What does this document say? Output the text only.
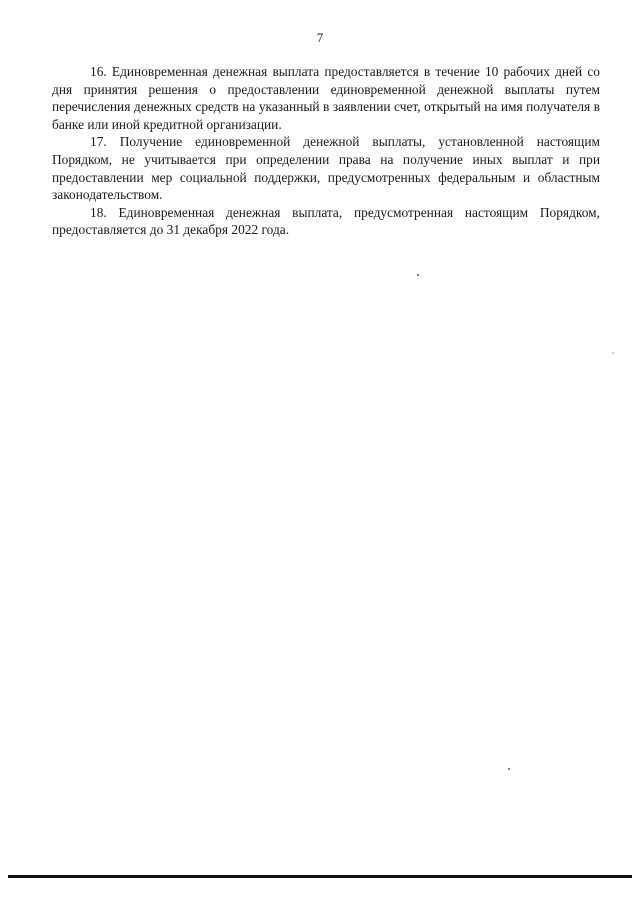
7

16. Единовременная денежная выплата предоставляется в течение 10 рабочих дней со дня принятия решения о предоставлении единовременной денежной выплаты путем перечисления денежных средств на указанный в заявлении счет, открытый на имя получателя в банке или иной кредитной организации.

17. Получение единовременной денежной выплаты, установленной настоящим Порядком, не учитывается при определении права на получение иных выплат и при предоставлении мер социальной поддержки, предусмотренных федеральным и областным законодательством.

18. Единовременная денежная выплата, предусмотренная настоящим Порядком, предоставляется до 31 декабря 2022 года.
